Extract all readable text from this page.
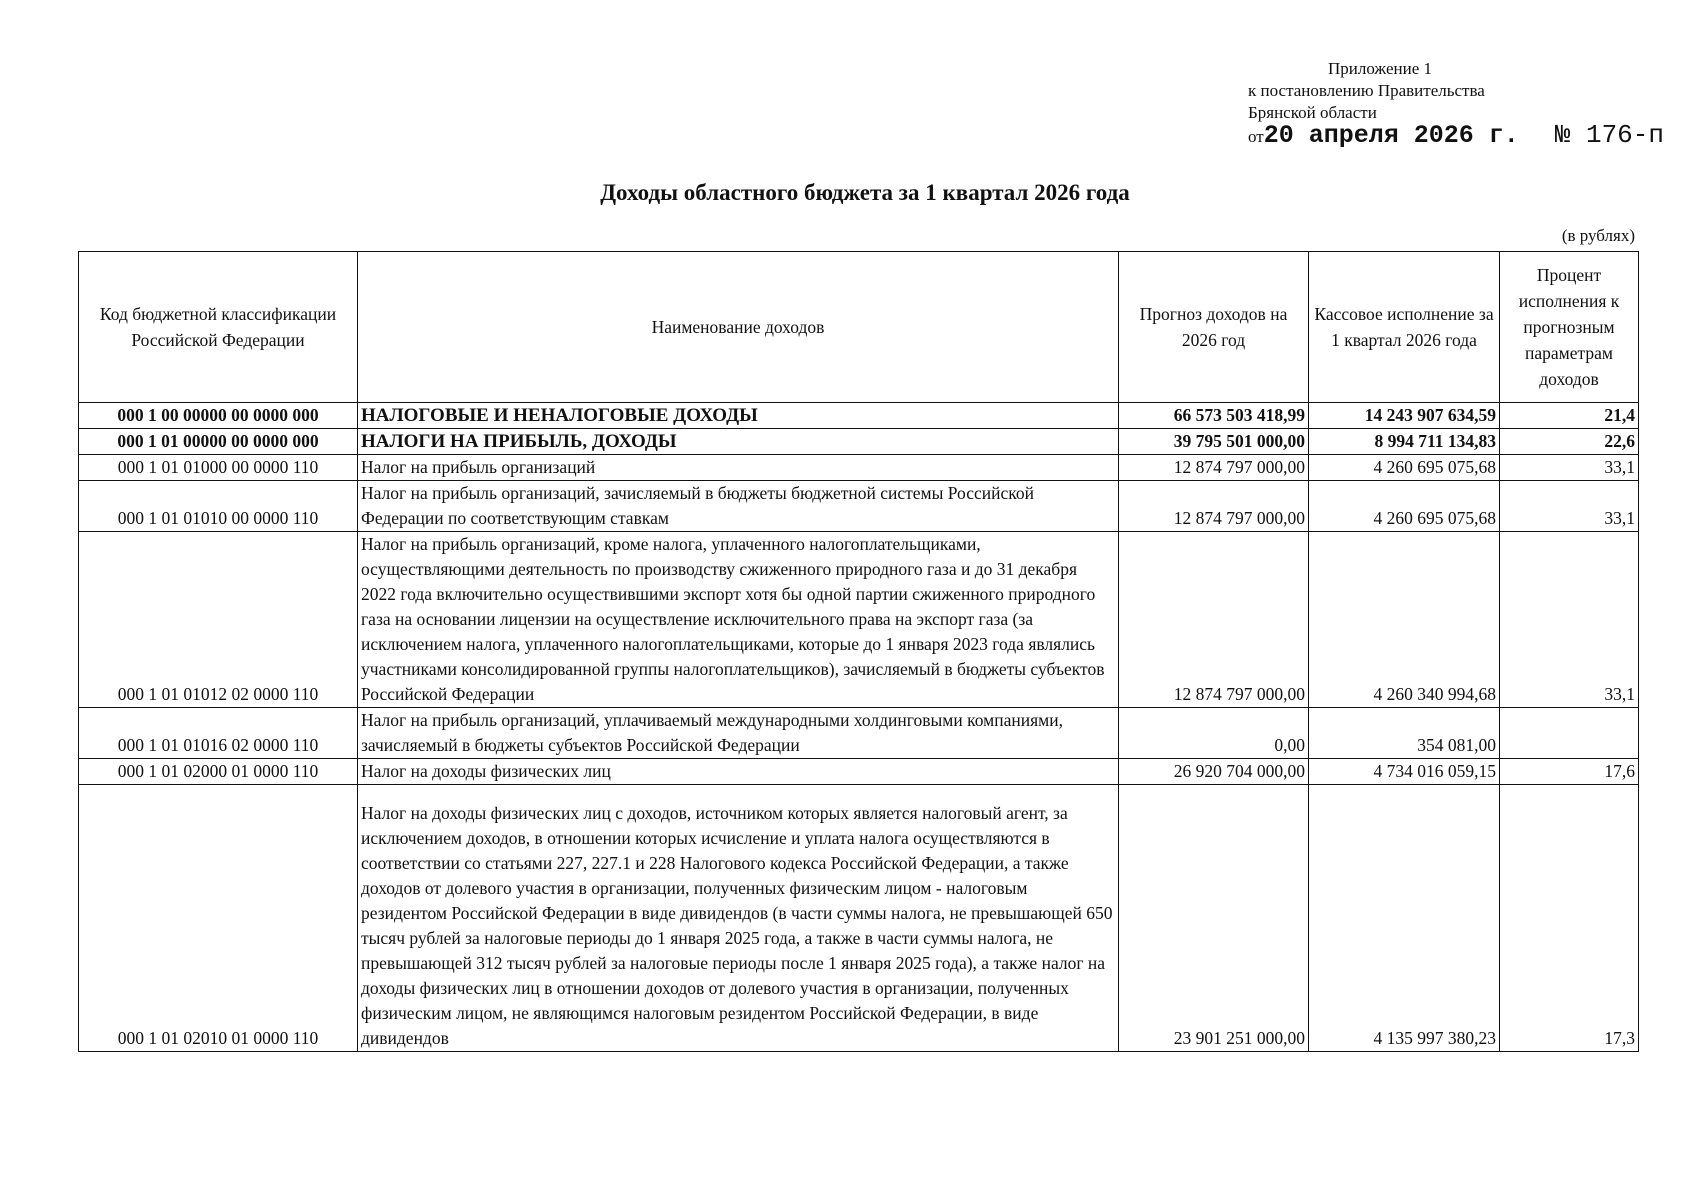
Приложение 1
к постановлению Правительства
Брянской области
от20 апреля 2026 г. № 176-п
Доходы областного бюджета за 1 квартал 2026 года
(в рублях)
Код бюджетной классификации Российской Федерации	Наименование доходов	Прогноз доходов на 2026 год	Кассовое исполнение за 1 квартал 2026 года	Процент исполнения к прогнозным параметрам доходов
000 1 00 00000 00 0000 000	НАЛОГОВЫЕ И НЕНАЛОГОВЫЕ ДОХОДЫ	66 573 503 418,99	14 243 907 634,59	21,4
000 1 01 00000 00 0000 000	НАЛОГИ НА ПРИБЫЛЬ, ДОХОДЫ	39 795 501 000,00	8 994 711 134,83	22,6
000 1 01 01000 00 0000 110	Налог на прибыль организаций	12 874 797 000,00	4 260 695 075,68	33,1
000 1 01 01010 00 0000 110	Налог на прибыль организаций, зачисляемый в бюджеты бюджетной системы Российской Федерации по соответствующим ставкам	12 874 797 000,00	4 260 695 075,68	33,1
000 1 01 01012 02 0000 110	Налог на прибыль организаций, кроме налога, уплаченного налогоплательщиками, осуществляющими деятельность по производству сжиженного природного газа и до 31 декабря 2022 года включительно осуществившими экспорт хотя бы одной партии сжиженного природного газа на основании лицензии на осуществление исключительного права на экспорт газа (за исключением налога, уплаченного налогоплательщиками, которые до 1 января 2023 года являлись участниками консолидированной группы налогоплательщиков), зачисляемый в бюджеты субъектов Российской Федерации	12 874 797 000,00	4 260 340 994,68	33,1
000 1 01 01016 02 0000 110	Налог на прибыль организаций, уплачиваемый международными холдинговыми компаниями, зачисляемый в бюджеты субъектов Российской Федерации	0,00	354 081,00	
000 1 01 02000 01 0000 110	Налог на доходы физических лиц	26 920 704 000,00	4 734 016 059,15	17,6
000 1 01 02010 01 0000 110	Налог на доходы физических лиц с доходов, источником которых является налоговый агент, за исключением доходов, в отношении которых исчисление и уплата налога осуществляются в соответствии со статьями 227, 227.1 и 228 Налогового кодекса Российской Федерации, а также доходов от долевого участия в организации, полученных физическим лицом - налоговым резидентом Российской Федерации в виде дивидендов (в части суммы налога, не превышающей 650 тысяч рублей за налоговые периоды до 1 января 2025 года, а также в части суммы налога, не превышающей 312 тысяч рублей за налоговые периоды после 1 января 2025 года), а также налог на доходы физических лиц в отношении доходов от долевого участия в организации, полученных физическим лицом, не являющимся налоговым резидентом Российской Федерации, в виде дивидендов	23 901 251 000,00	4 135 997 380,23	17,3
